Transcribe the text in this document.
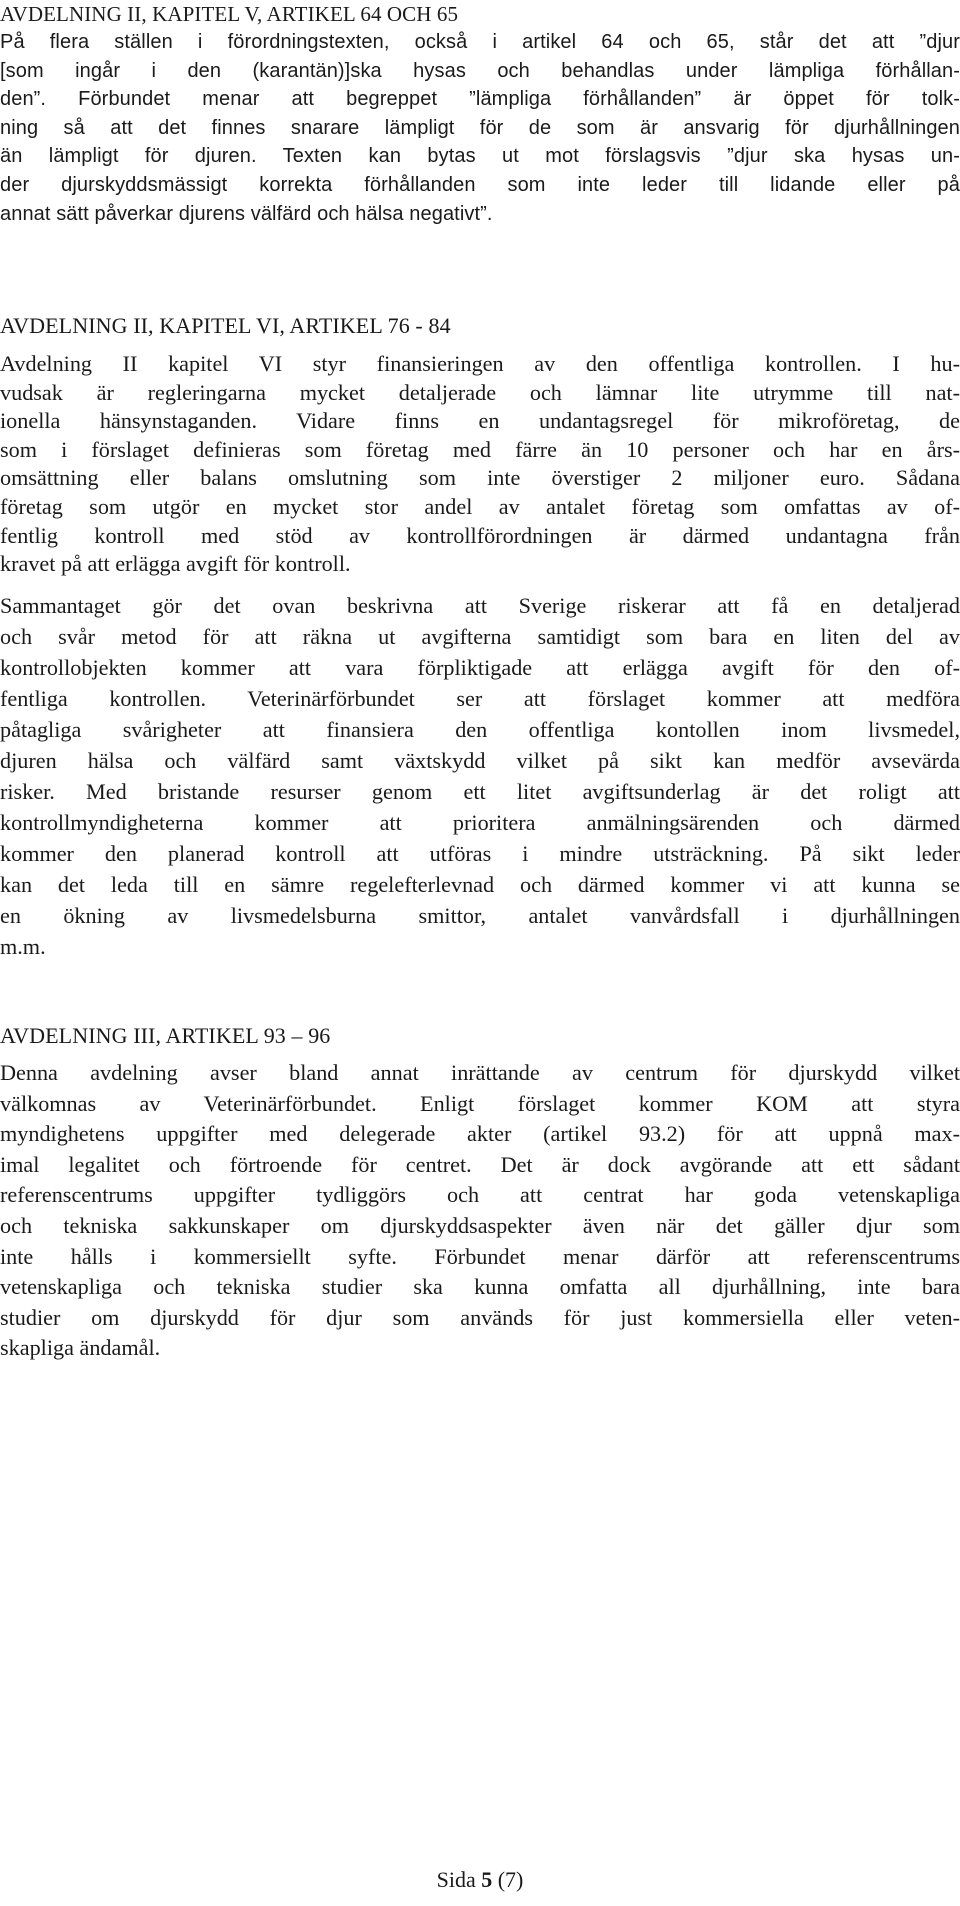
AVDELNING II, KAPITEL V, ARTIKEL 64 OCH 65
På flera ställen i förordningstexten, också i artikel 64 och 65, står det att ”djur
[som ingår i den (karantän)]ska hysas och behandlas under lämpliga förhållan-
den”. Förbundet menar att begreppet ”lämpliga förhållanden” är öppet för tolk-
ning så att det finnes snarare lämpligt för de som är ansvarig för djurhållningen
än lämpligt för djuren. Texten kan bytas ut mot förslagsvis ”djur ska hysas un-
der djurskyddsmässigt korrekta förhållanden som inte leder till lidande eller på
annat sätt påverkar djurens välfärd och hälsa negativt”.
AVDELNING II, KAPITEL VI, ARTIKEL 76 - 84
Avdelning II kapitel VI styr finansieringen av den offentliga kontrollen. I hu-
vudsak är regleringarna mycket detaljerade och lämnar lite utrymme till nat-
ionella hänsynstaganden. Vidare finns en undantagsregel för mikroföretag, de
som i förslaget definieras som företag med färre än 10 personer och har en års-
omsättning eller balans omslutning som inte överstiger 2 miljoner euro. Sådana
företag som utgör en mycket stor andel av antalet företag som omfattas av of-
fentlig kontroll med stöd av kontrollförordningen är därmed undantagna från
kravet på att erlägga avgift för kontroll.
Sammantaget gör det ovan beskrivna att Sverige riskerar att få en detaljerad
och svår metod för att räkna ut avgifterna samtidigt som bara en liten del av
kontrollobjekten kommer att vara förpliktigade att erlägga avgift för den of-
fentliga kontrollen. Veterinärförbundet ser att förslaget kommer att medföra
påtagliga svårigheter att finansiera den offentliga kontollen inom livsmedel,
djuren hälsa och välfärd samt växtskydd vilket på sikt kan medför avsevärda
risker. Med bristande resurser genom ett litet avgiftsunderlag är det roligt att
kontrollmyndigheterna kommer att prioritera anmälningsärenden och därmed
kommer den planerad kontroll att utföras i mindre utsträckning. På sikt leder
kan det leda till en sämre regelefterlevnad och därmed kommer vi att kunna se
en ökning av livsmedelsburna smittor, antalet vanvårdsfall i djurhållningen
m.m.
AVDELNING III, ARTIKEL 93 – 96
Denna avdelning avser bland annat inrättande av centrum för djurskydd vilket
välkomnas av Veterinärförbundet. Enligt förslaget kommer KOM att styra
myndighetens uppgifter med delegerade akter (artikel 93.2) för att uppnå max-
imal legalitet och förtroende för centret. Det är dock avgörande att ett sådant
referenscentrums uppgifter tydliggörs och att centrat har goda vetenskapliga
och tekniska sakkunskaper om djurskyddsaspekter även när det gäller djur som
inte hålls i kommersiellt syfte. Förbundet menar därför att referenscentrums
vetenskapliga och tekniska studier ska kunna omfatta all djurhållning, inte bara
studier om djurskydd för djur som används för just kommersiella eller veten-
skapliga ändamål.
Sida 5 (7)
